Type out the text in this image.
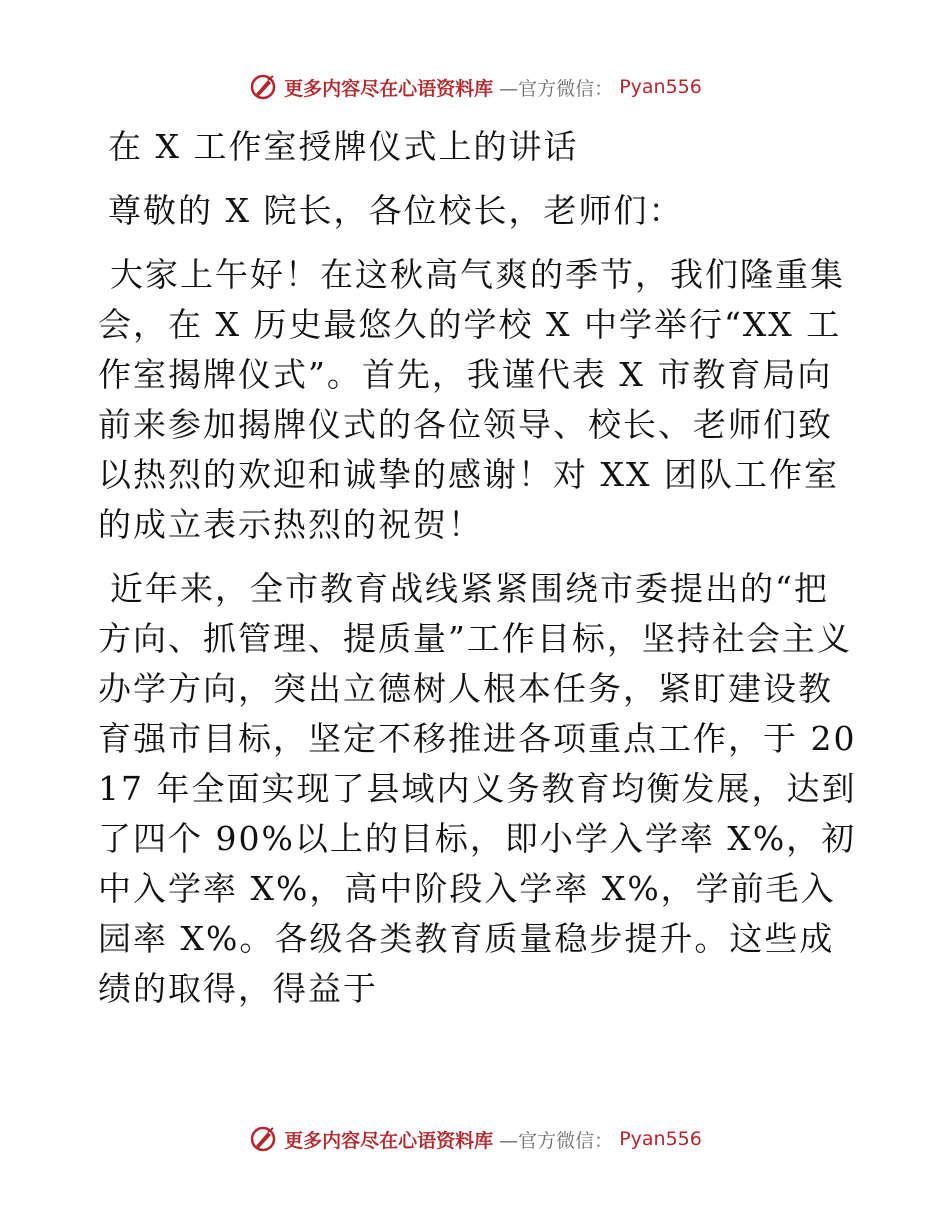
更多内容尽在心语资料库 —官方微信： Pyan556

在 X 工作室授牌仪式上的讲话

尊敬的 X 院长，各位校长，老师们：

大家上午好！在这秋高气爽的季节，我们隆重集会，在 X 历史最悠久的学校 X 中学举行“XX 工作室揭牌仪式”。首先，我谨代表 X 市教育局向前来参加揭牌仪式的各位领导、校长、老师们致以热烈的欢迎和诚挚的感谢！对 XX 团队工作室的成立表示热烈的祝贺！

近年来，全市教育战线紧紧围绕市委提出的“把方向、抓管理、提质量”工作目标，坚持社会主义办学方向，突出立德树人根本任务，紧盯建设教育强市目标，坚定不移推进各项重点工作，于 2017 年全面实现了县域内义务教育均衡发展，达到了四个 90%以上的目标，即小学入学率 X%，初中入学率 X%，高中阶段入学率 X%，学前毛入园率 X%。各级各类教育质量稳步提升。这些成绩的取得，得益于

更多内容尽在心语资料库 —官方微信： Pyan556
